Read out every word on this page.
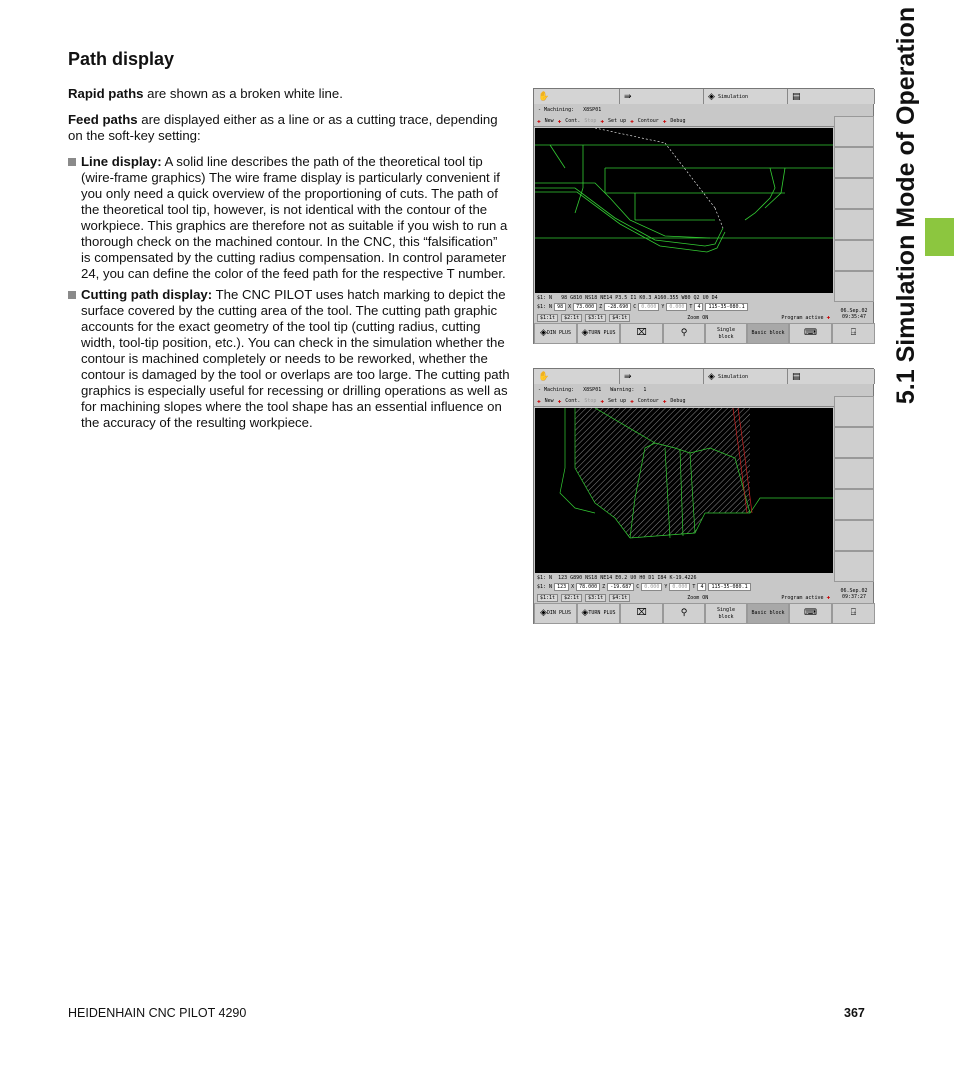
5.1 Simulation Mode of Operation
Path display

Rapid paths are shown as a broken white line.

Feed paths are displayed either as a line or as a cutting trace, depending on the soft-key setting:

Line display: A solid line describes the path of the theoretical tool tip (wire-frame graphics) The wire frame display is particularly convenient if you only need a quick overview of the proportioning of cuts. The path of the theoretical tool tip, however, is not identical with the contour of the workpiece. This graphics are therefore not as suitable if you wish to run a thorough check on the machined contour. In the CNC, this “falsification” is compensated by the cutting radius compensation. In control parameter 24, you can define the color of the feed path for the respective T number.
Cutting path display: The CNC PILOT uses hatch marking to depict the surface covered by the cutting area of the tool. The cutting path graphic accounts for the exact geometry of the tool tip (cutting radius, cutting width, tool-tip position, etc.). You can check in the simulation whether the contour is machined completely or needs to be reworked, whether the contour is damaged by the tool or overlaps are too large. The cutting path graphics is especially useful for recessing or drilling operations as well as for machining slopes where the tool shape has an essential influence on the accuracy of the resulting workpiece.
✋	⇛	◈
Simulation	▤
- Machining:   X8SP01
✚ New ✚ Cont. Stop ✚ Set up ✚ Contour ✚ Debug
$1: N   98 G810 NS18 NE14 P3.5 I1 K0.3 A160.355 W80 Q2 U0 D4
$1: N	98	X	73.000	Z	-28.690	C	0.000	Y	0.000	T	4	115-35-080.1
$1:1t	$2:1t	$3:1t	$4:1t	Zoom ON	Program active ✚
06.Sep.02
09:35:47
◈ DIN PLUS ◈ TURN PLUS ⌧	⚲	Single
block
Basic block ⌨	⍈
✋	⇛	◈
Simulation	▤
- Machining:   X8SP01   Warning:   1
✚ New ✚ Cont. Stop ✚ Set up ✚ Contour ✚ Debug
$1: N  123 G890 NS18 NE14 E0.2 U0 H0 D1 I84 K-19.4226
$1: N	123	X	78.000	Z	-19.687	C	0.000	Y	0.000	T	4	115-35-080.1
$1:1t	$2:1t	$3:1t	$4:1t	Zoom ON	Program active ✚
06.Sep.02
09:37:27
◈ DIN PLUS ◈ TURN PLUS ⌧	⚲	Single
block
Basic block ⌨	⍈
HEIDENHAIN CNC PILOT 4290	367
